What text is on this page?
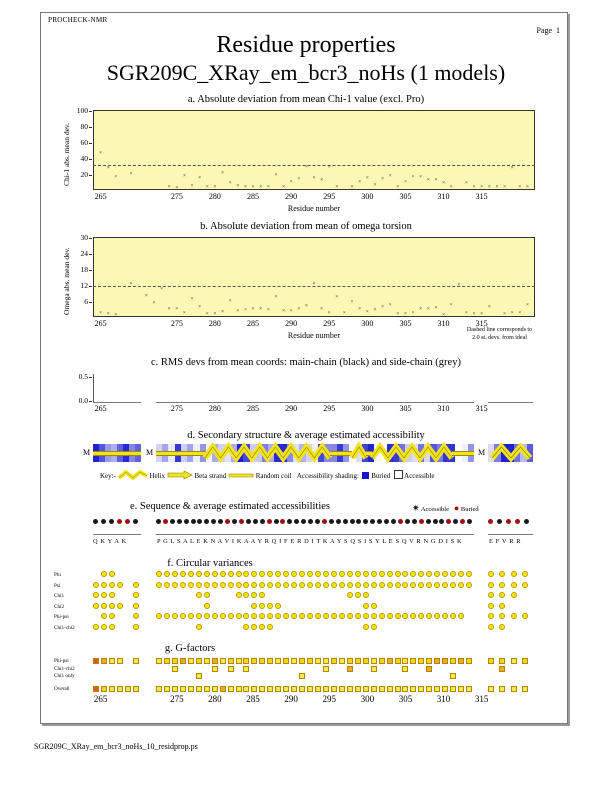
PROCHECK-NMR
Page 1
Residue properties
SGR209C_XRay_em_bcr3_noHs (1 models)
a. Absolute deviation from mean Chi-1 value (excl. Pro)
Chi-1 abs. mean dev.
100
80
60
40
20
265	275	280	285	290	295	300	305	310	315
Residue number
×
×
×
×
× ×
×
×
×
× ×
×
× × × × × ×
×
×
× ×
×
× ×
×
× ×
×
×
×
×
×
×
×
× ×
× × ×
×
×
× × × × ×
×
× ×
b. Absolute deviation from mean of omega torsion
Omega abs. mean dev.
30
24
18
12
6
265	275	280	285	290	295	300	305	310	315
Residue number
× × ×
×
×
×
×
× ×
×
×
×
× × ×
×
× × × × ×
×
× × ×
×
×
×
×
×
×
×
× × ×
× ×
× × ×
× × ×
×
×
×
× × ×
×
× × ×
×
Dashed line corresponds to
2.0 st. devs. from ideal
c. RMS devs from mean coords: main-chain (black) and side-chain (grey)
0.5
0.0
265	275	280	285	290	295	300	305	310	315
d. Secondary structure & average estimated accessibility
M	M	M
Key:-	Helix	Beta strand	Random coil Accessibility shading: Buried Accessible
e. Sequence & average estimated accessibilities	✷ Accessible ● Buried
Q K Y A K	P G L S A L E K N A V I K A A Y R Q I F E R D I T K A Y S Q S I S Y L E S Q V R N G D I S K	E F V R R
f. Circular variances
Phi
Psi
Chi1
Chi2
Phi-psi
Chi1-chi2
g. G-factors
Phi-psi
Chi1-chi2
Chi1 only
Overall
265	275	280	285	290	295	300	305	310	315
SGR209C_XRay_em_bcr3_noHs_10_residprop.ps
